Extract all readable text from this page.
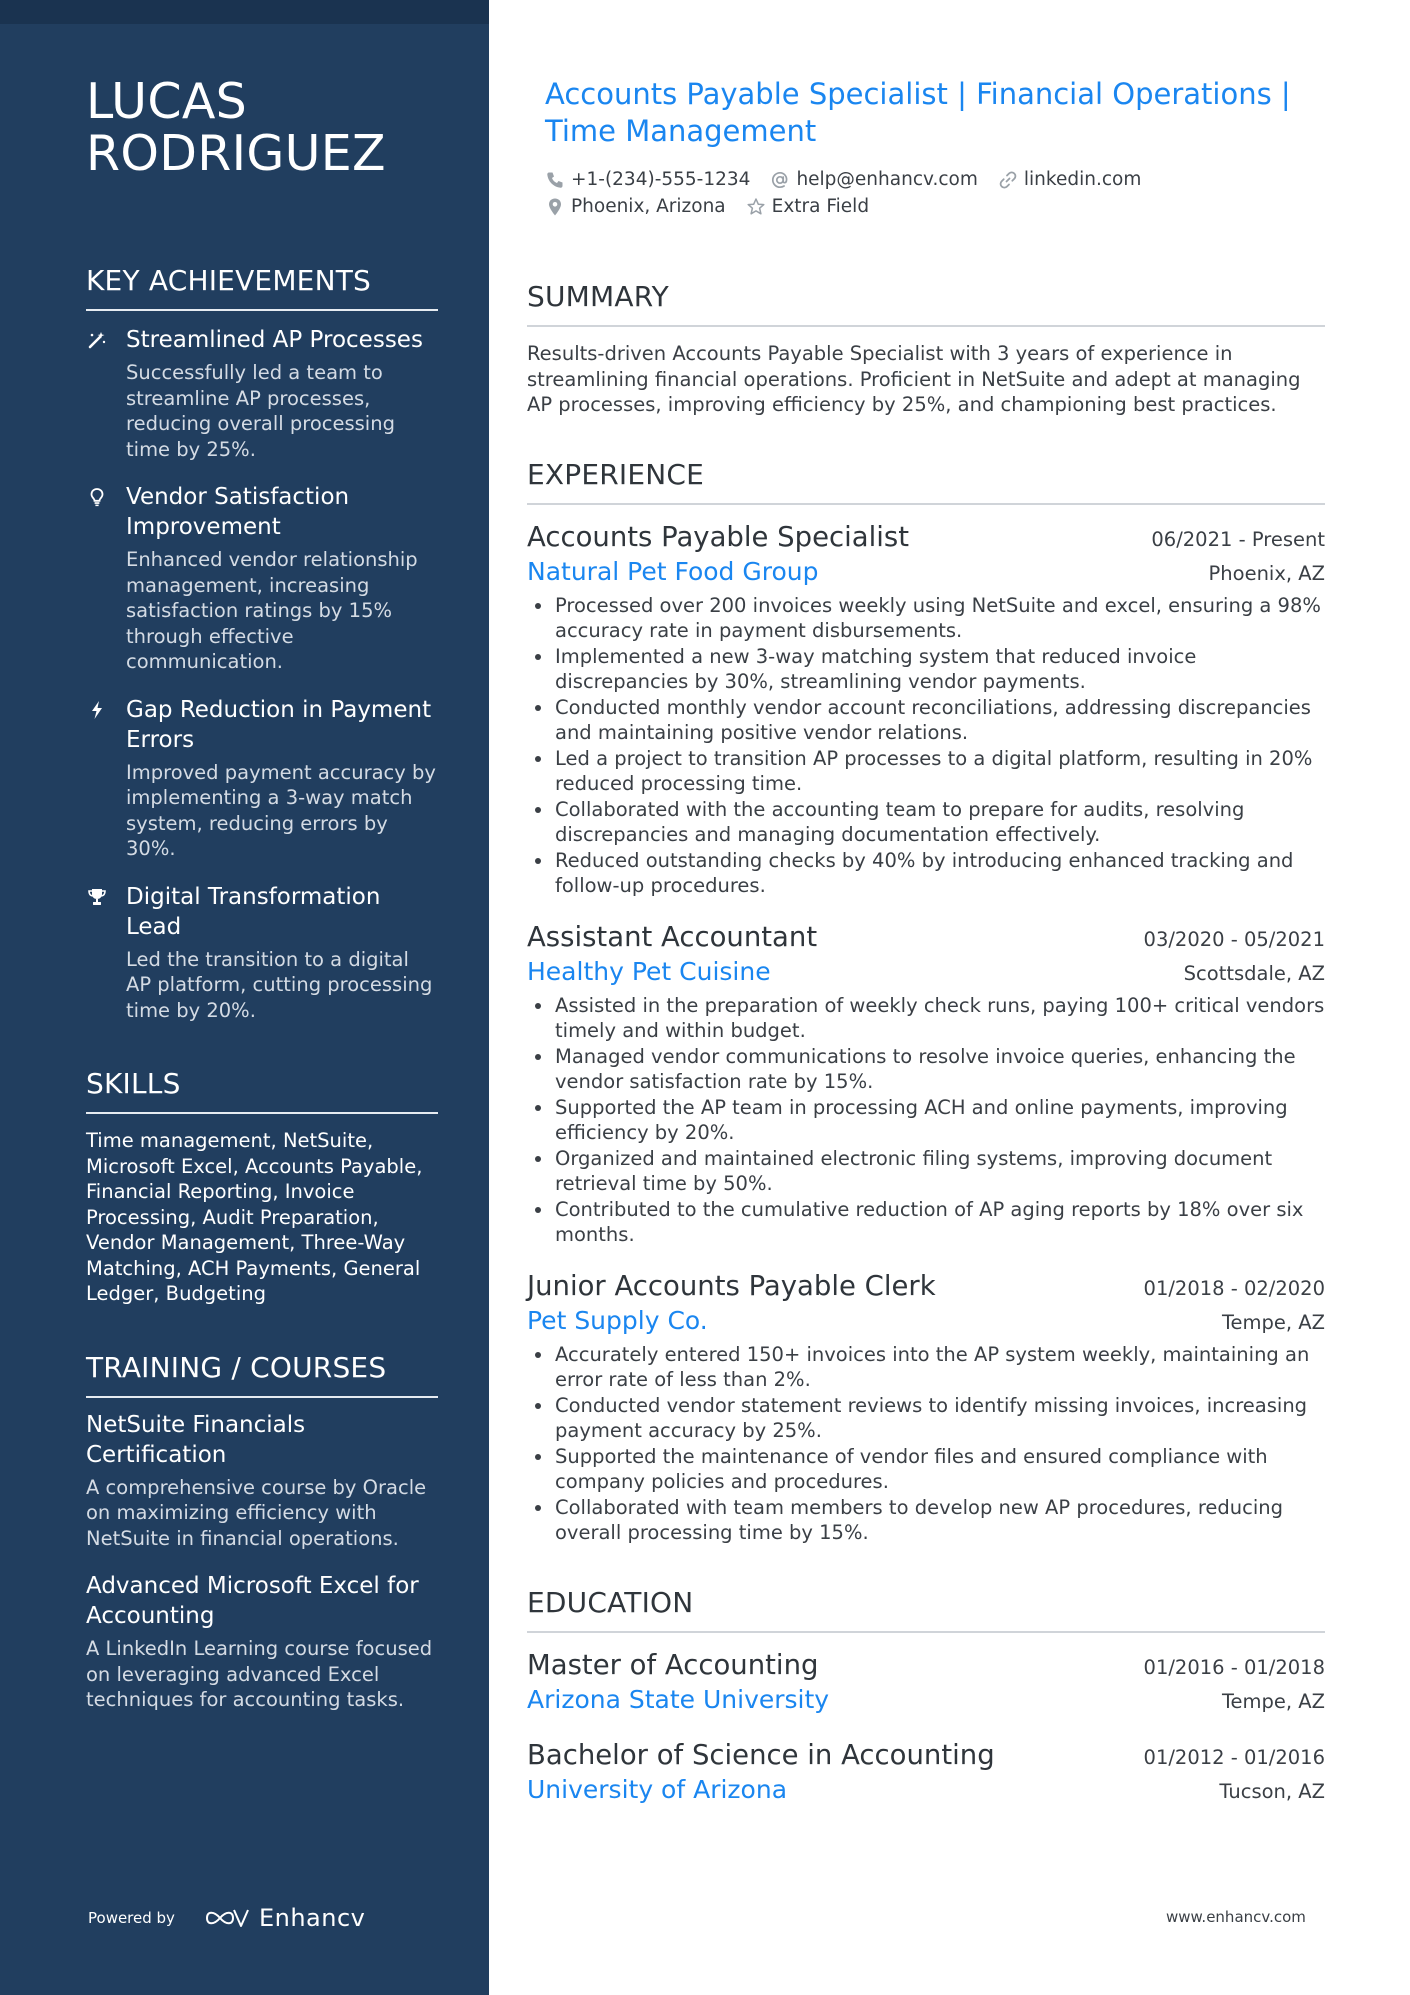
LUCAS
RODRIGUEZ
KEY ACHIEVEMENTS
Streamlined AP Processes
Successfully led a team to streamline AP processes, reducing overall processing time by 25%.
Vendor Satisfaction Improvement
Enhanced vendor relationship management, increasing satisfaction ratings by 15% through effective communication.
Gap Reduction in Payment Errors
Improved payment accuracy by implementing a 3-way match system, reducing errors by 30%.
Digital Transformation Lead
Led the transition to a digital AP platform, cutting processing time by 20%.
SKILLS
Time management, NetSuite, Microsoft Excel, Accounts Payable, Financial Reporting, Invoice Processing, Audit Preparation, Vendor Management, Three-Way Matching, ACH Payments, General Ledger, Budgeting
TRAINING / COURSES
NetSuite Financials Certification
A comprehensive course by Oracle on maximizing efficiency with NetSuite in financial operations.
Advanced Microsoft Excel for Accounting
A LinkedIn Learning course focused on leveraging advanced Excel techniques for accounting tasks.
Powered by	Enhancv
Accounts Payable Specialist | Financial Operations | Time Management
+1-(234)-555-1234 help@enhancv.com linkedin.com
Phoenix, Arizona Extra Field
SUMMARY
Results-driven Accounts Payable Specialist with 3 years of experience in streamlining financial operations. Proficient in NetSuite and adept at managing AP processes, improving efficiency by 25%, and championing best practices.
EXPERIENCE
Accounts Payable Specialist	06/2021 - Present
Natural Pet Food Group	Phoenix, AZ
Processed over 200 invoices weekly using NetSuite and excel, ensuring a 98% accuracy rate in payment disbursements.
Implemented a new 3-way matching system that reduced invoice discrepancies by 30%, streamlining vendor payments.
Conducted monthly vendor account reconciliations, addressing discrepancies and maintaining positive vendor relations.
Led a project to transition AP processes to a digital platform, resulting in 20% reduced processing time.
Collaborated with the accounting team to prepare for audits, resolving discrepancies and managing documentation effectively.
Reduced outstanding checks by 40% by introducing enhanced tracking and follow-up procedures.
Assistant Accountant	03/2020 - 05/2021
Healthy Pet Cuisine	Scottsdale, AZ
Assisted in the preparation of weekly check runs, paying 100+ critical vendors timely and within budget.
Managed vendor communications to resolve invoice queries, enhancing the vendor satisfaction rate by 15%.
Supported the AP team in processing ACH and online payments, improving efficiency by 20%.
Organized and maintained electronic filing systems, improving document retrieval time by 50%.
Contributed to the cumulative reduction of AP aging reports by 18% over six months.
Junior Accounts Payable Clerk	01/2018 - 02/2020
Pet Supply Co.	Tempe, AZ
Accurately entered 150+ invoices into the AP system weekly, maintaining an error rate of less than 2%.
Conducted vendor statement reviews to identify missing invoices, increasing payment accuracy by 25%.
Supported the maintenance of vendor files and ensured compliance with company policies and procedures.
Collaborated with team members to develop new AP procedures, reducing overall processing time by 15%.
EDUCATION
Master of Accounting	01/2016 - 01/2018
Arizona State University	Tempe, AZ
Bachelor of Science in Accounting	01/2012 - 01/2016
University of Arizona	Tucson, AZ
www.enhancv.com
